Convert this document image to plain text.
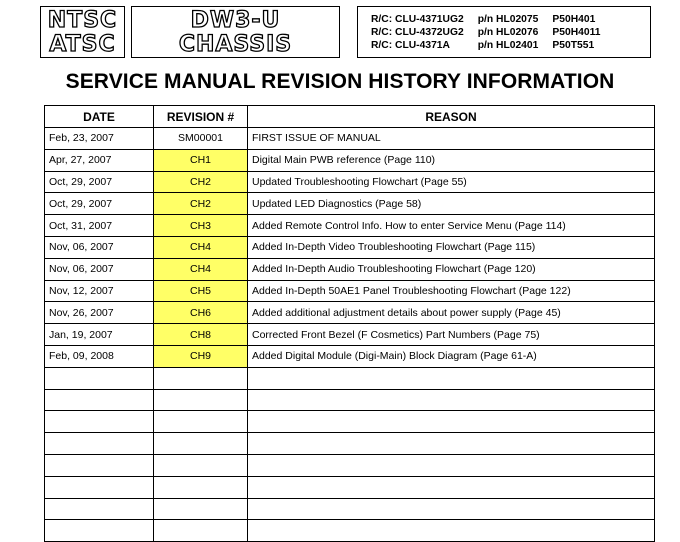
NTSC
ATSC
DW3-U
CHASSIS
R/C: CLU-4371UG2	p/n HL02075	P50H401
R/C: CLU-4372UG2	p/n HL02076	P50H4011
R/C: CLU-4371A	p/n HL02401	P50T551
SERVICE MANUAL REVISION HISTORY INFORMATION
DATE	REVISION #	REASON
Feb, 23, 2007	SM00001	FIRST ISSUE OF MANUAL
Apr, 27, 2007	CH1	Digital Main PWB reference (Page 110)
Oct, 29, 2007	CH2	Updated Troubleshooting Flowchart (Page 55)
Oct, 29, 2007	CH2	Updated LED Diagnostics (Page 58)
Oct, 31, 2007	CH3	Added Remote Control Info. How to enter Service Menu (Page 114)
Nov, 06, 2007	CH4	Added In-Depth Video Troubleshooting Flowchart (Page 115)
Nov, 06, 2007	CH4	Added In-Depth Audio Troubleshooting Flowchart (Page 120)
Nov, 12, 2007	CH5	Added In-Depth 50AE1 Panel Troubleshooting Flowchart (Page 122)
Nov, 26, 2007	CH6	Added additional adjustment details about power supply (Page 45)
Jan, 19, 2007	CH8	Corrected Front Bezel (F Cosmetics) Part Numbers (Page 75)
Feb, 09, 2008	CH9	Added Digital Module (Digi-Main) Block Diagram (Page 61-A)
